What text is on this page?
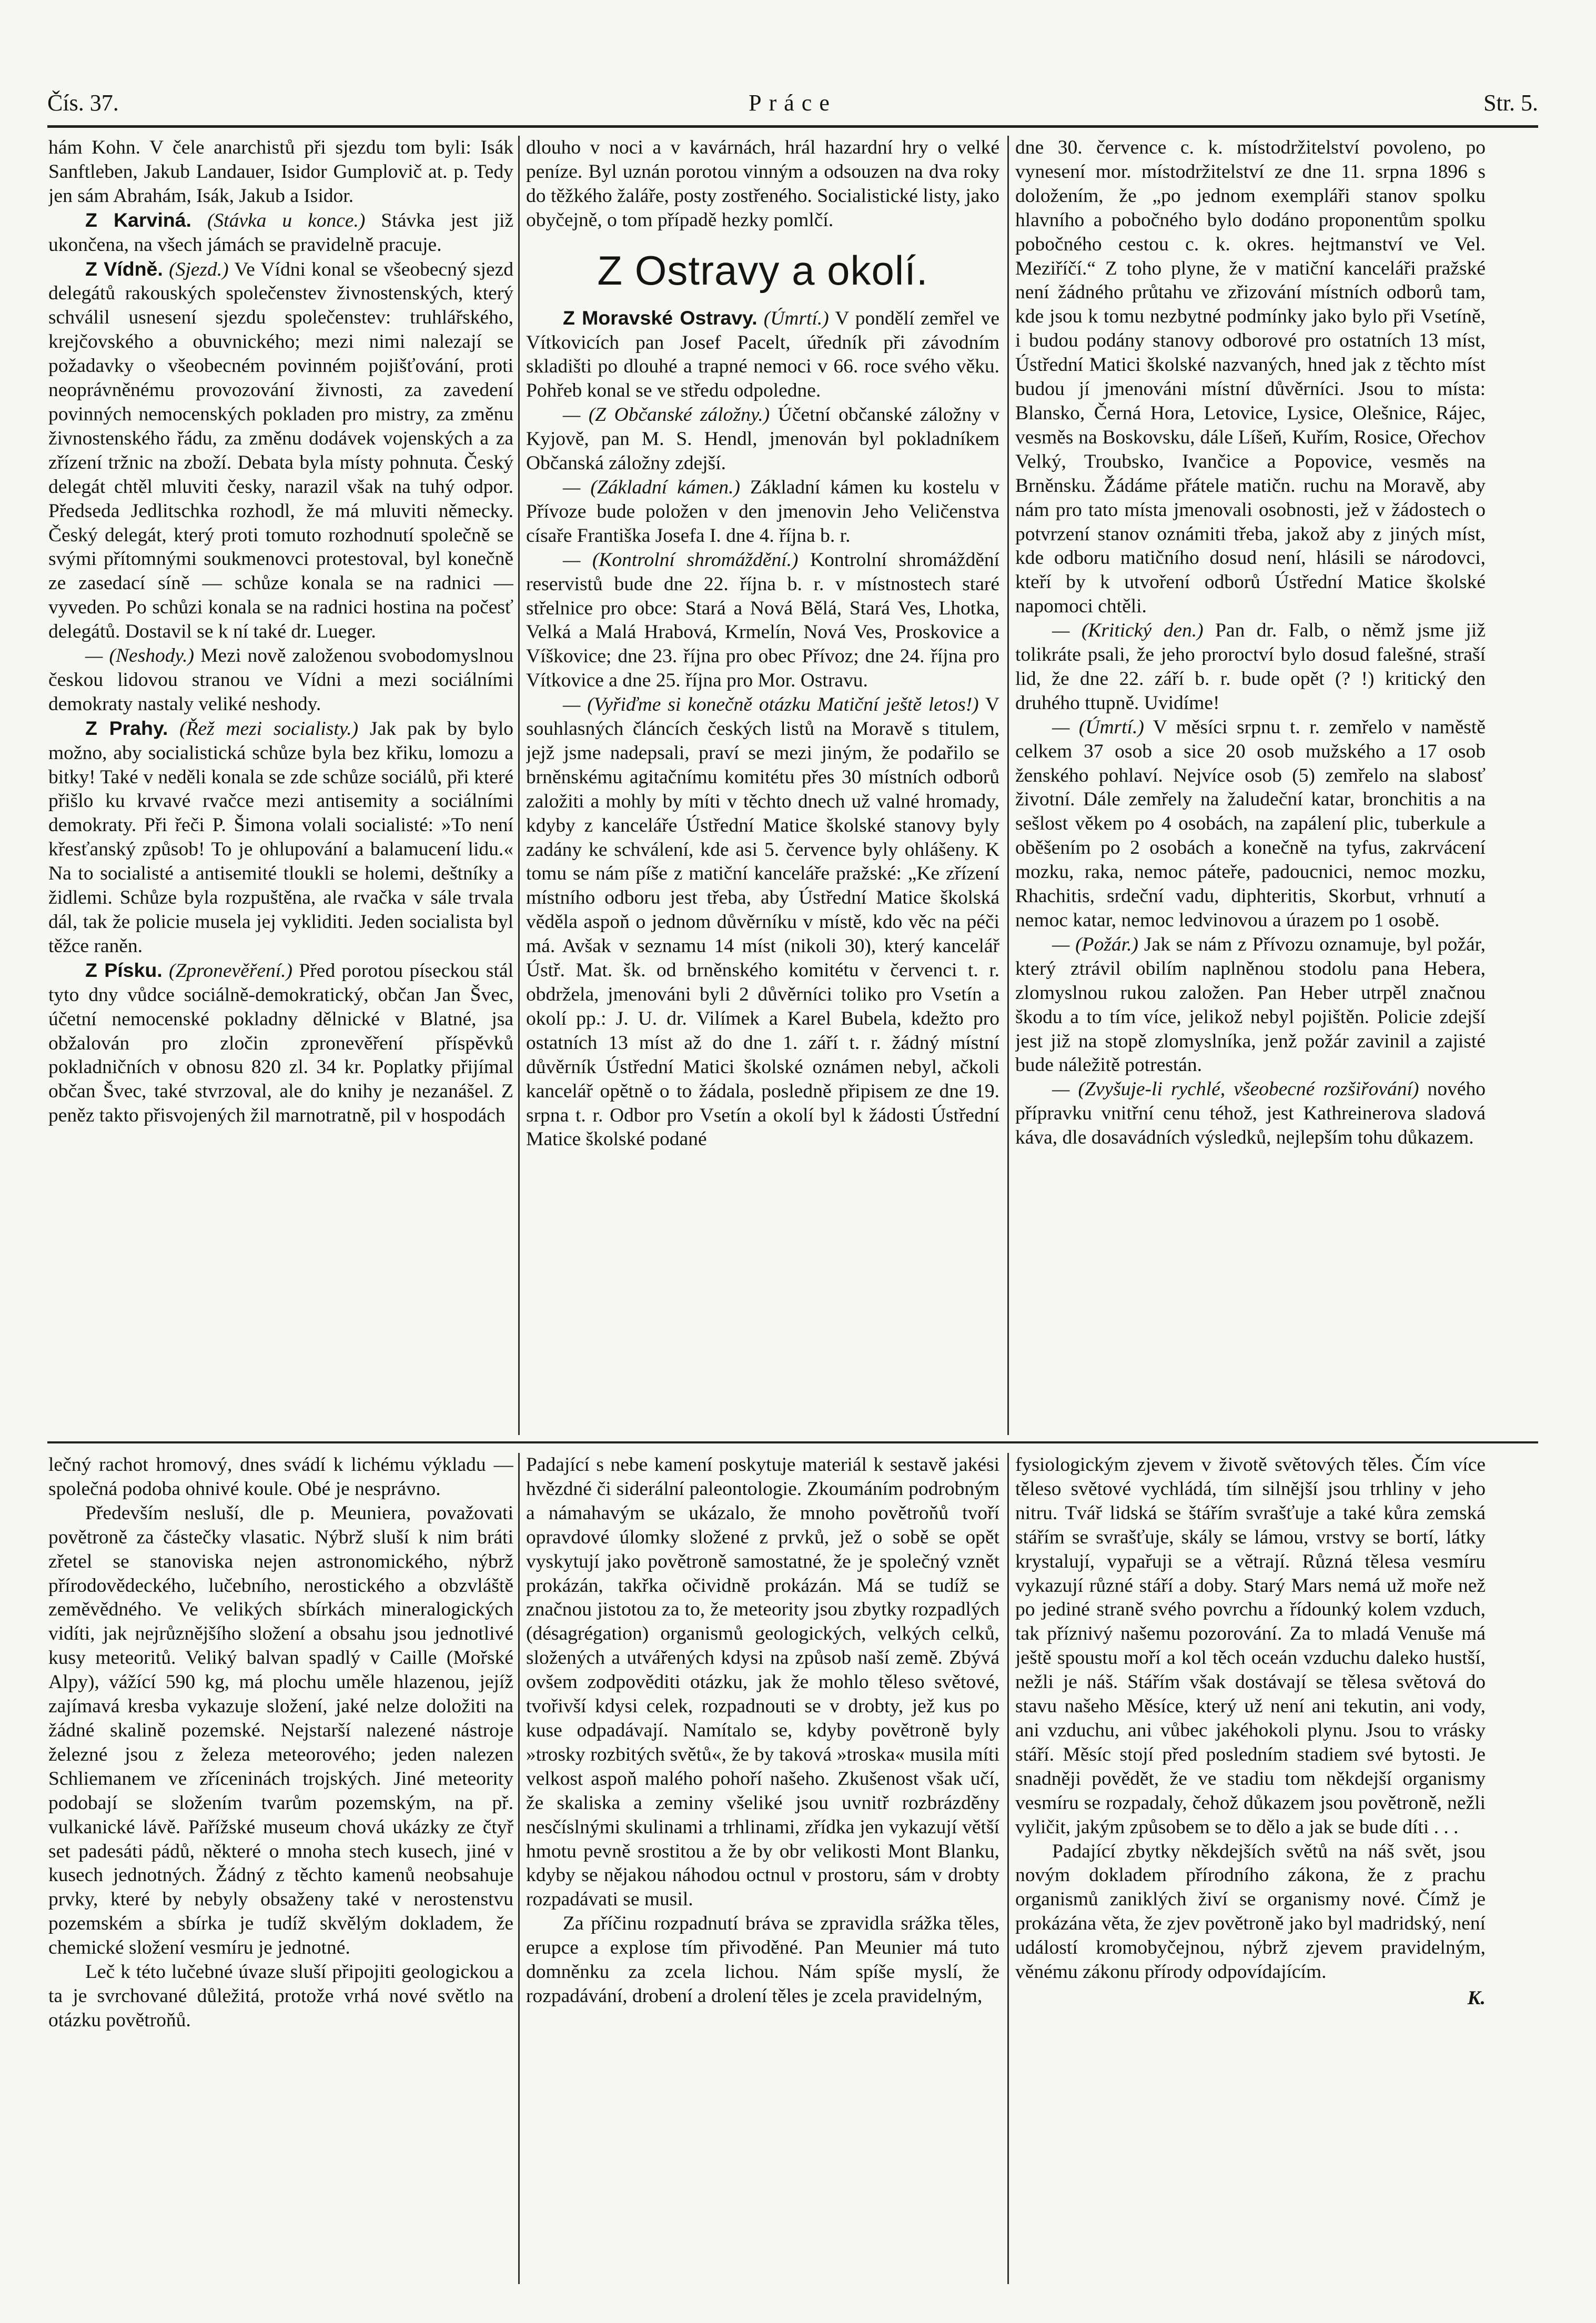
Čís. 37.	Práce	Str. 5.

hám Kohn. V čele anarchistů při sjezdu tom byli: Isák Sanftleben, Jakub Landauer, Isidor Gumplovič at. p. Tedy jen sám Abrahám, Isák, Jakub a Isidor.

Z Karviná. (Stávka u konce.) Stávka jest již ukončena, na všech jámách se pravidelně pracuje.

Z Vídně. (Sjezd.) Ve Vídni konal se všeobecný sjezd delegátů rakouských společenstev živnostenských, který schválil usnesení sjezdu společenstev: truhlářského, krejčovského a obuvnického; mezi nimi nalezají se požadavky o všeobecném povinném pojišťování, proti neoprávněnému provozování živnosti, za zavedení povinných nemocenských pokladen pro mistry, za změnu živnostenského řádu, za změnu dodávek vojenských a za zřízení tržnic na zboží. Debata byla místy pohnuta. Český delegát chtěl mluviti česky, narazil však na tuhý odpor. Předseda Jedlitschka rozhodl, že má mluviti německy. Český delegát, který proti tomuto rozhodnutí společně se svými přítomnými soukmenovci protestoval, byl konečně ze zasedací síně — schůze konala se na radnici — vyveden. Po schůzi konala se na radnici hostina na počesť delegátů. Dostavil se k ní také dr. Lueger.

— (Neshody.) Mezi nově založenou svobodomyslnou českou lidovou stranou ve Vídni a mezi sociálními demokraty nastaly veliké neshody.

Z Prahy. (Řež mezi socialisty.) Jak pak by bylo možno, aby socialistická schůze byla bez křiku, lomozu a bitky! Také v neděli konala se zde schůze sociálů, při které přišlo ku krvavé rvačce mezi antisemity a sociálními demokraty. Při řeči P. Šimona volali socialisté: »To není křesťanský způsob! To je ohlupování a balamucení lidu.« Na to socialisté a antisemité tloukli se holemi, deštníky a židlemi. Schůze byla rozpuštěna, ale rvačka v sále trvala dál, tak že policie musela jej vykliditi. Jeden socialista byl těžce raněn.

Z Písku. (Zpronevěření.) Před porotou píseckou stál tyto dny vůdce sociálně-demokratický, občan Jan Švec, účetní nemocenské pokladny dělnické v Blatné, jsa obžalován pro zločin zpronevěření příspěvků pokladničních v obnosu 820 zl. 34 kr. Poplatky přijímal občan Švec, také stvrzoval, ale do knihy je nezanášel. Z peněz takto přisvojených žil marnotratně, pil v hospodách

dlouho v noci a v kavárnách, hrál hazardní hry o velké peníze. Byl uznán porotou vinným a odsouzen na dva roky do těžkého žaláře, posty zostřeného. Socialistické listy, jako obyčejně, o tom případě hezky pomlčí.

Z Ostravy a okolí.

Z Moravské Ostravy. (Úmrtí.) V pondělí zemřel ve Vítkovicích pan Josef Pacelt, úředník při závodním skladišti po dlouhé a trapné nemoci v 66. roce svého věku. Pohřeb konal se ve středu odpoledne.

— (Z Občanské záložny.) Účetní občanské záložny v Kyjově, pan M. S. Hendl, jmenován byl pokladníkem Občanská záložny zdejší.

— (Základní kámen.) Základní kámen ku kostelu v Přívoze bude položen v den jmenovin Jeho Veličenstva císaře Františka Josefa I. dne 4. října b. r.

— (Kontrolní shromáždění.) Kontrolní shromáždění reservistů bude dne 22. října b. r. v místnostech staré střelnice pro obce: Stará a Nová Bělá, Stará Ves, Lhotka, Velká a Malá Hrabová, Krmelín, Nová Ves, Proskovice a Víškovice; dne 23. října pro obec Přívoz; dne 24. října pro Vítkovice a dne 25. října pro Mor. Ostravu.

— (Vyřiďme si konečně otázku Matiční ještě letos!) V souhlasných článcích českých listů na Moravě s titulem, jejž jsme nadepsali, praví se mezi jiným, že podařilo se brněnskému agitačnímu komitétu přes 30 místních odborů založiti a mohly by míti v těchto dnech už valné hromady, kdyby z kanceláře Ústřední Matice školské stanovy byly zadány ke schválení, kde asi 5. července byly ohlášeny. K tomu se nám píše z matiční kanceláře pražské: „Ke zřízení místního odboru jest třeba, aby Ústřední Matice školská věděla aspoň o jednom důvěrníku v místě, kdo věc na péči má. Avšak v seznamu 14 míst (nikoli 30), který kancelář Ústř. Mat. šk. od brněnského komitétu v červenci t. r. obdržela, jmenováni byli 2 důvěrníci toliko pro Vsetín a okolí pp.: J. U. dr. Vilímek a Karel Bubela, kdežto pro ostatních 13 míst až do dne 1. září t. r. žádný místní důvěrník Ústřední Matici školské oznámen nebyl, ačkoli kancelář opětně o to žádala, posledně připisem ze dne 19. srpna t. r. Odbor pro Vsetín a okolí byl k žádosti Ústřední Matice školské podané

dne 30. července c. k. místodržitelství povoleno, po vynesení mor. místodržitelství ze dne 11. srpna 1896 s doložením, že „po jednom exempláři stanov spolku hlavního a pobočného bylo dodáno proponentům spolku pobočného cestou c. k. okres. hejtmanství ve Vel. Meziříčí.“ Z toho plyne, že v matiční kanceláři pražské není žádného průtahu ve zřizování místních odborů tam, kde jsou k tomu nezbytné podmínky jako bylo při Vsetíně, i budou podány stanovy odborové pro ostatních 13 míst, Ústřední Matici školské nazvaných, hned jak z těchto míst budou jí jmenováni místní důvěrníci. Jsou to místa: Blansko, Černá Hora, Letovice, Lysice, Olešnice, Rájec, vesměs na Boskovsku, dále Líšeň, Kuřím, Rosice, Ořechov Velký, Troubsko, Ivančice a Popovice, vesměs na Brněnsku. Žádáme přátele matičn. ruchu na Moravě, aby nám pro tato místa jmenovali osobnosti, jež v žádostech o potvrzení stanov oznámiti třeba, jakož aby z jiných míst, kde odboru matičního dosud není, hlásili se národovci, kteří by k utvoření odborů Ústřední Matice školské napomoci chtěli.

— (Kritický den.) Pan dr. Falb, o němž jsme již tolikráte psali, že jeho proroctví bylo dosud falešné, straší lid, že dne 22. září b. r. bude opět (? !) kritický den druhého ttupně. Uvidíme!

— (Úmrtí.) V měsíci srpnu t. r. zemřelo v naměstě celkem 37 osob a sice 20 osob mužského a 17 osob ženského pohlaví. Nejvíce osob (5) zemřelo na slabosť životní. Dále zemřely na žaludeční katar, bronchitis a na sešlost věkem po 4 osobách, na zapálení plic, tuberkule a oběšením po 2 osobách a konečně na tyfus, zakrvácení mozku, raka, nemoc páteře, padoucnici, nemoc mozku, Rhachitis, srdeční vadu, diphteritis, Skorbut, vrhnutí a nemoc katar, nemoc ledvinovou a úrazem po 1 osobě.

— (Požár.) Jak se nám z Přívozu oznamuje, byl požár, který ztrávil obilím naplněnou stodolu pana Hebera, zlomyslnou rukou založen. Pan Heber utrpěl značnou škodu a to tím více, jelikož nebyl pojištěn. Policie zdejší jest již na stopě zlomyslníka, jenž požár zavinil a zajisté bude náležitě potrestán.

— (Zvyšuje-li rychlé, všeobecné rozšiřování) nového přípravku vnitřní cenu téhož, jest Kathreinerova sladová káva, dle dosavádních výsledků, nejlepším tohu důkazem.

lečný rachot hromový, dnes svádí k lichému výkladu — společná podoba ohnivé koule. Obé je nesprávno.

Především nesluší, dle p. Meuniera, považovati povětroně za částečky vlasatic. Nýbrž sluší k nim bráti zřetel se stanoviska nejen astronomického, nýbrž přírodovědeckého, lučebního, nerostického a obzvláště zeměvědného. Ve velikých sbírkách mineralogických vidíti, jak nejrůznějšího složení a obsahu jsou jednotlivé kusy meteoritů. Veliký balvan spadlý v Caille (Mořské Alpy), vážící 590 kg, má plochu uměle hlazenou, jejíž zajímavá kresba vykazuje složení, jaké nelze doložiti na žádné skalině pozemské. Nejstarší nalezené nástroje železné jsou z železa meteorového; jeden nalezen Schliemanem ve zříceninách trojských. Jiné meteority podobají se složením tvarům pozemským, na př. vulkanické lávě. Pařížské museum chová ukázky ze čtyř set padesáti pádů, některé o mnoha stech kusech, jiné v kusech jednotných. Žádný z těchto kamenů neobsahuje prvky, které by nebyly obsaženy také v nerostenstvu pozemském a sbírka je tudíž skvělým dokladem, že chemické složení vesmíru je jednotné.

Leč k této lučebné úvaze sluší připojiti geologickou a ta je svrchované důležitá, protože vrhá nové světlo na otázku povětroňů.

Padající s nebe kamení poskytuje materiál k sestavě jakési hvězdné či siderální paleontologie. Zkoumáním podrobným a námahavým se ukázalo, že mnoho povětroňů tvoří opravdové úlomky složené z prvků, jež o sobě se opět vyskytují jako povětroně samostatné, že je společný vznět prokázán, takřka očividně prokázán. Má se tudíž se značnou jistotou za to, že meteority jsou zbytky rozpadlých (désagrégation) organismů geologických, velkých celků, složených a utvářených kdysi na způsob naší země. Zbývá ovšem zodpověditi otázku, jak že mohlo těleso světové, tvořivší kdysi celek, rozpadnouti se v drobty, jež kus po kuse odpadávají. Namítalo se, kdyby povětroně byly »trosky rozbitých světů«, že by taková »troska« musila míti velkost aspoň malého pohoří našeho. Zkušenost však učí, že skaliska a zeminy všeliké jsou uvnitř rozbrázděny nesčíslnými skulinami a trhlinami, zřídka jen vykazují větší hmotu pevně srostitou a že by obr velikosti Mont Blanku, kdyby se nějakou náhodou octnul v prostoru, sám v drobty rozpadávati se musil.

Za příčinu rozpadnutí bráva se zpravidla srážka těles, erupce a explose tím přivoděné. Pan Meunier má tuto domněnku za zcela lichou. Nám spíše myslí, že rozpadávání, drobení a drolení těles je zcela pravidelným,

fysiologickým zjevem v životě světových těles. Čím více těleso světové vychládá, tím silnější jsou trhliny v jeho nitru. Tvář lidská se štářím svrašťuje a také kůra zemská stářím se svrašťuje, skály se lámou, vrstvy se bortí, látky krystalují, vypařuji se a větrají. Různá tělesa vesmíru vykazují různé stáří a doby. Starý Mars nemá už moře než po jediné straně svého povrchu a řídounký kolem vzduch, tak příznivý našemu pozorování. Za to mladá Venuše má ještě spoustu moří a kol těch oceán vzduchu daleko hustší, nežli je náš. Stářím však dostávají se tělesa světová do stavu našeho Měsíce, který už není ani tekutin, ani vody, ani vzduchu, ani vůbec jakéhokoli plynu. Jsou to vrásky stáří. Měsíc stojí před posledním stadiem své bytosti. Je snadněji povědět, že ve stadiu tom někdejší organismy vesmíru se rozpadaly, čehož důkazem jsou povětroně, nežli vyličit, jakým způsobem se to dělo a jak se bude díti . . .

Padající zbytky někdejších světů na náš svět, jsou novým dokladem přírodního zákona, že z prachu organismů zaniklých živí se organismy nové. Čímž je prokázána věta, že zjev povětroně jako byl madridský, není událostí kromobyčejnou, nýbrž zjevem pravidelným, věnému zákonu přírody odpovídajícím.

K.
